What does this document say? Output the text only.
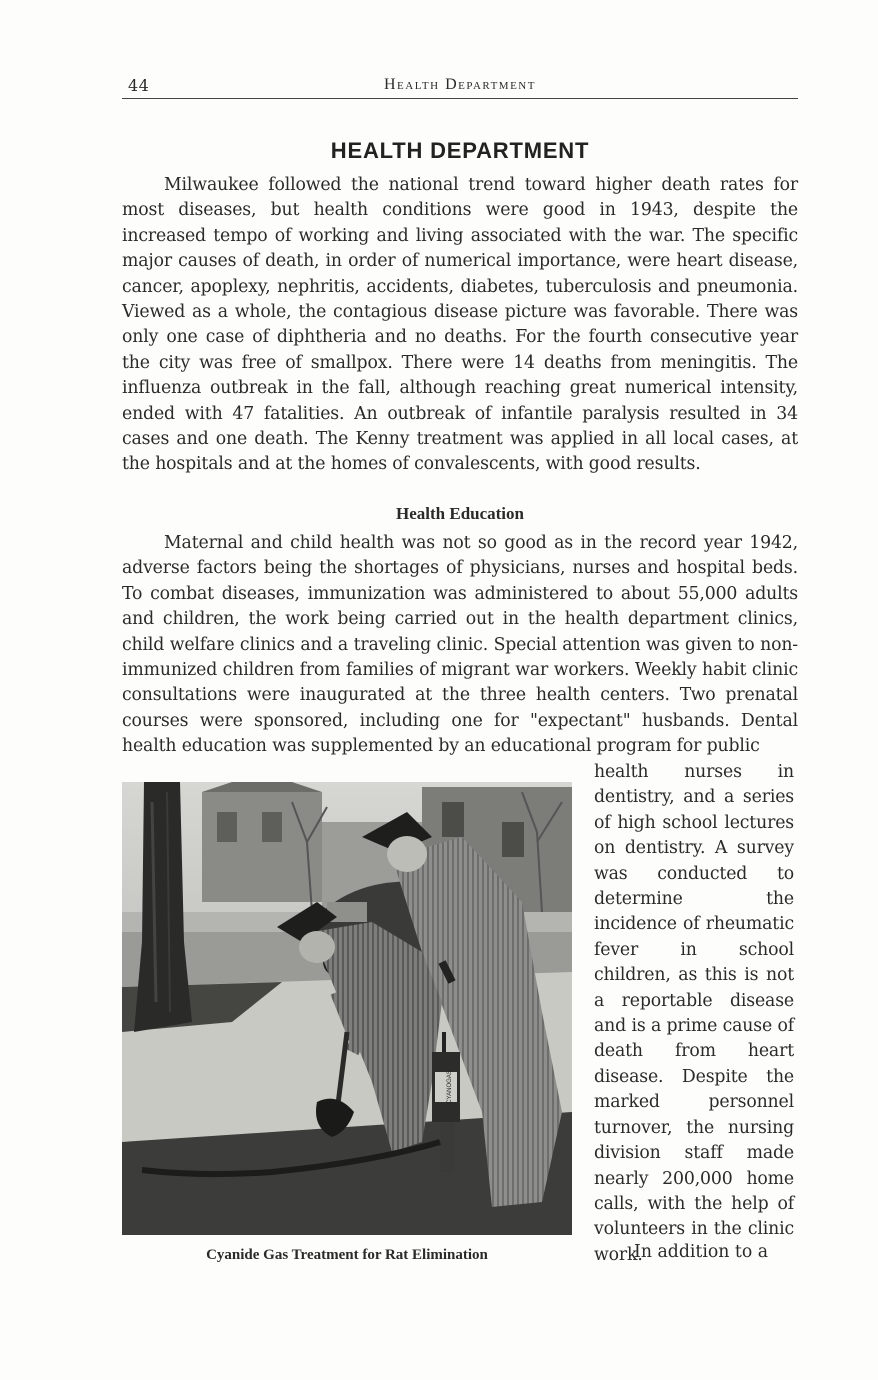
44	Health Department
HEALTH DEPARTMENT

Milwaukee followed the national trend toward higher death rates for most diseases, but health conditions were good in 1943, despite the increased tempo of working and living associated with the war. The specific major causes of death, in order of numerical importance, were heart disease, cancer, apoplexy, nephritis, accidents, diabetes, tuberculosis and pneumonia. Viewed as a whole, the contagious disease picture was favorable. There was only one case of diphtheria and no deaths. For the fourth consecutive year the city was free of smallpox. There were 14 deaths from meningitis. The influenza outbreak in the fall, although reaching great numerical intensity, ended with 47 fatalities. An outbreak of infantile paralysis resulted in 34 cases and one death. The Kenny treatment was applied in all local cases, at the hospitals and at the homes of convalescents, with good results.

Health Education

Maternal and child health was not so good as in the record year 1942, adverse factors being the shortages of physicians, nurses and hospital beds. To combat diseases, immunization was administered to about 55,000 adults and children, the work being carried out in the health department clinics, child welfare clinics and a traveling clinic. Special attention was given to non-immunized children from families of migrant war workers. Weekly habit clinic consultations were inaugurated at the three health centers. Two prenatal courses were sponsored, including one for "expectant" husbands. Dental health education was supplemented by an educational program for public

health nurses in dentistry, and a series of high school lectures on dentistry. A survey was conducted to determine the incidence of rheumatic fever in school children, as this is not a reportable disease and is a prime cause of death from heart disease. Despite the marked personnel turnover, the nursing division staff made nearly 200,000 home calls, with the help of volunteers in the clinic work.

In addition to a

CYANOGAS
Cyanide Gas Treatment for Rat Elimination
